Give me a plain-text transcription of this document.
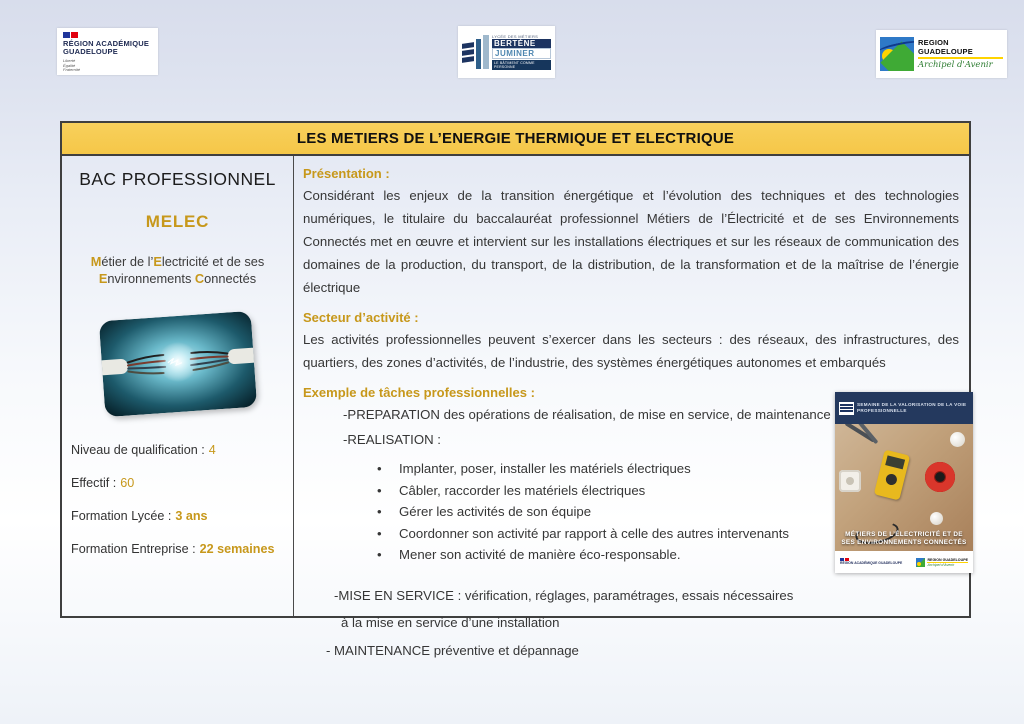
RÉGION ACADÉMIQUE
GUADELOUPE
Liberté
Égalité
Fraternité
LYCÉE DES MÉTIERS
BERTÈNE
JUMINER
LE BÂTIMENT COMME PERSONNE
REGION GUADELOUPE
Archipel d'Avenir
LES METIERS DE L’ENERGIE THERMIQUE ET ELECTRIQUE
BAC PROFESSIONNEL
MELEC
Métier de l’Electricité et de ses
Environnements Connectés
Niveau de qualification : 4
Effectif : 60
Formation Lycée : 3 ans
Formation Entreprise : 22 semaines
Présentation :

Considérant les enjeux de la transition énergétique et l’évolution des techniques et des technologies numériques, le titulaire du baccalauréat professionnel Métiers de l’Électricité et de ses Environnements Connectés met en œuvre et intervient sur les installations électriques et sur les réseaux de communication des domaines de la production, du transport, de la distribution, de la transformation et de la maîtrise de l’énergie électrique

Secteur d’activité :

Les activités professionnelles peuvent s’exercer dans les secteurs : des réseaux, des infrastructures, des quartiers, des zones d’activités, de l’industrie, des systèmes énergétiques autonomes et embarqués

Exemple de tâches professionnelles :
-PREPARATION des opérations de réalisation, de mise en service, de maintenance
-REALISATION :
• Implanter, poser, installer les matériels électriques
• Câbler, raccorder les matériels électriques
• Gérer les activités de son équipe
• Coordonner son activité par rapport à celle des autres intervenants
• Mener son activité de manière éco-responsable.
-MISE EN SERVICE : vérification, réglages, paramétrages, essais nécessaires
à la mise en service d’une installation
- MAINTENANCE préventive et dépannage
SEMAINE DE LA VALORISATION DE LA VOIE PROFESSIONNELLE
MÉTIERS DE L’ÉLECTRICITÉ ET DE SES ENVIRONNEMENTS CONNECTÉS
RÉGION ACADÉMIQUE GUADELOUPE
REGION GUADELOUPE
Archipel d'Avenir
